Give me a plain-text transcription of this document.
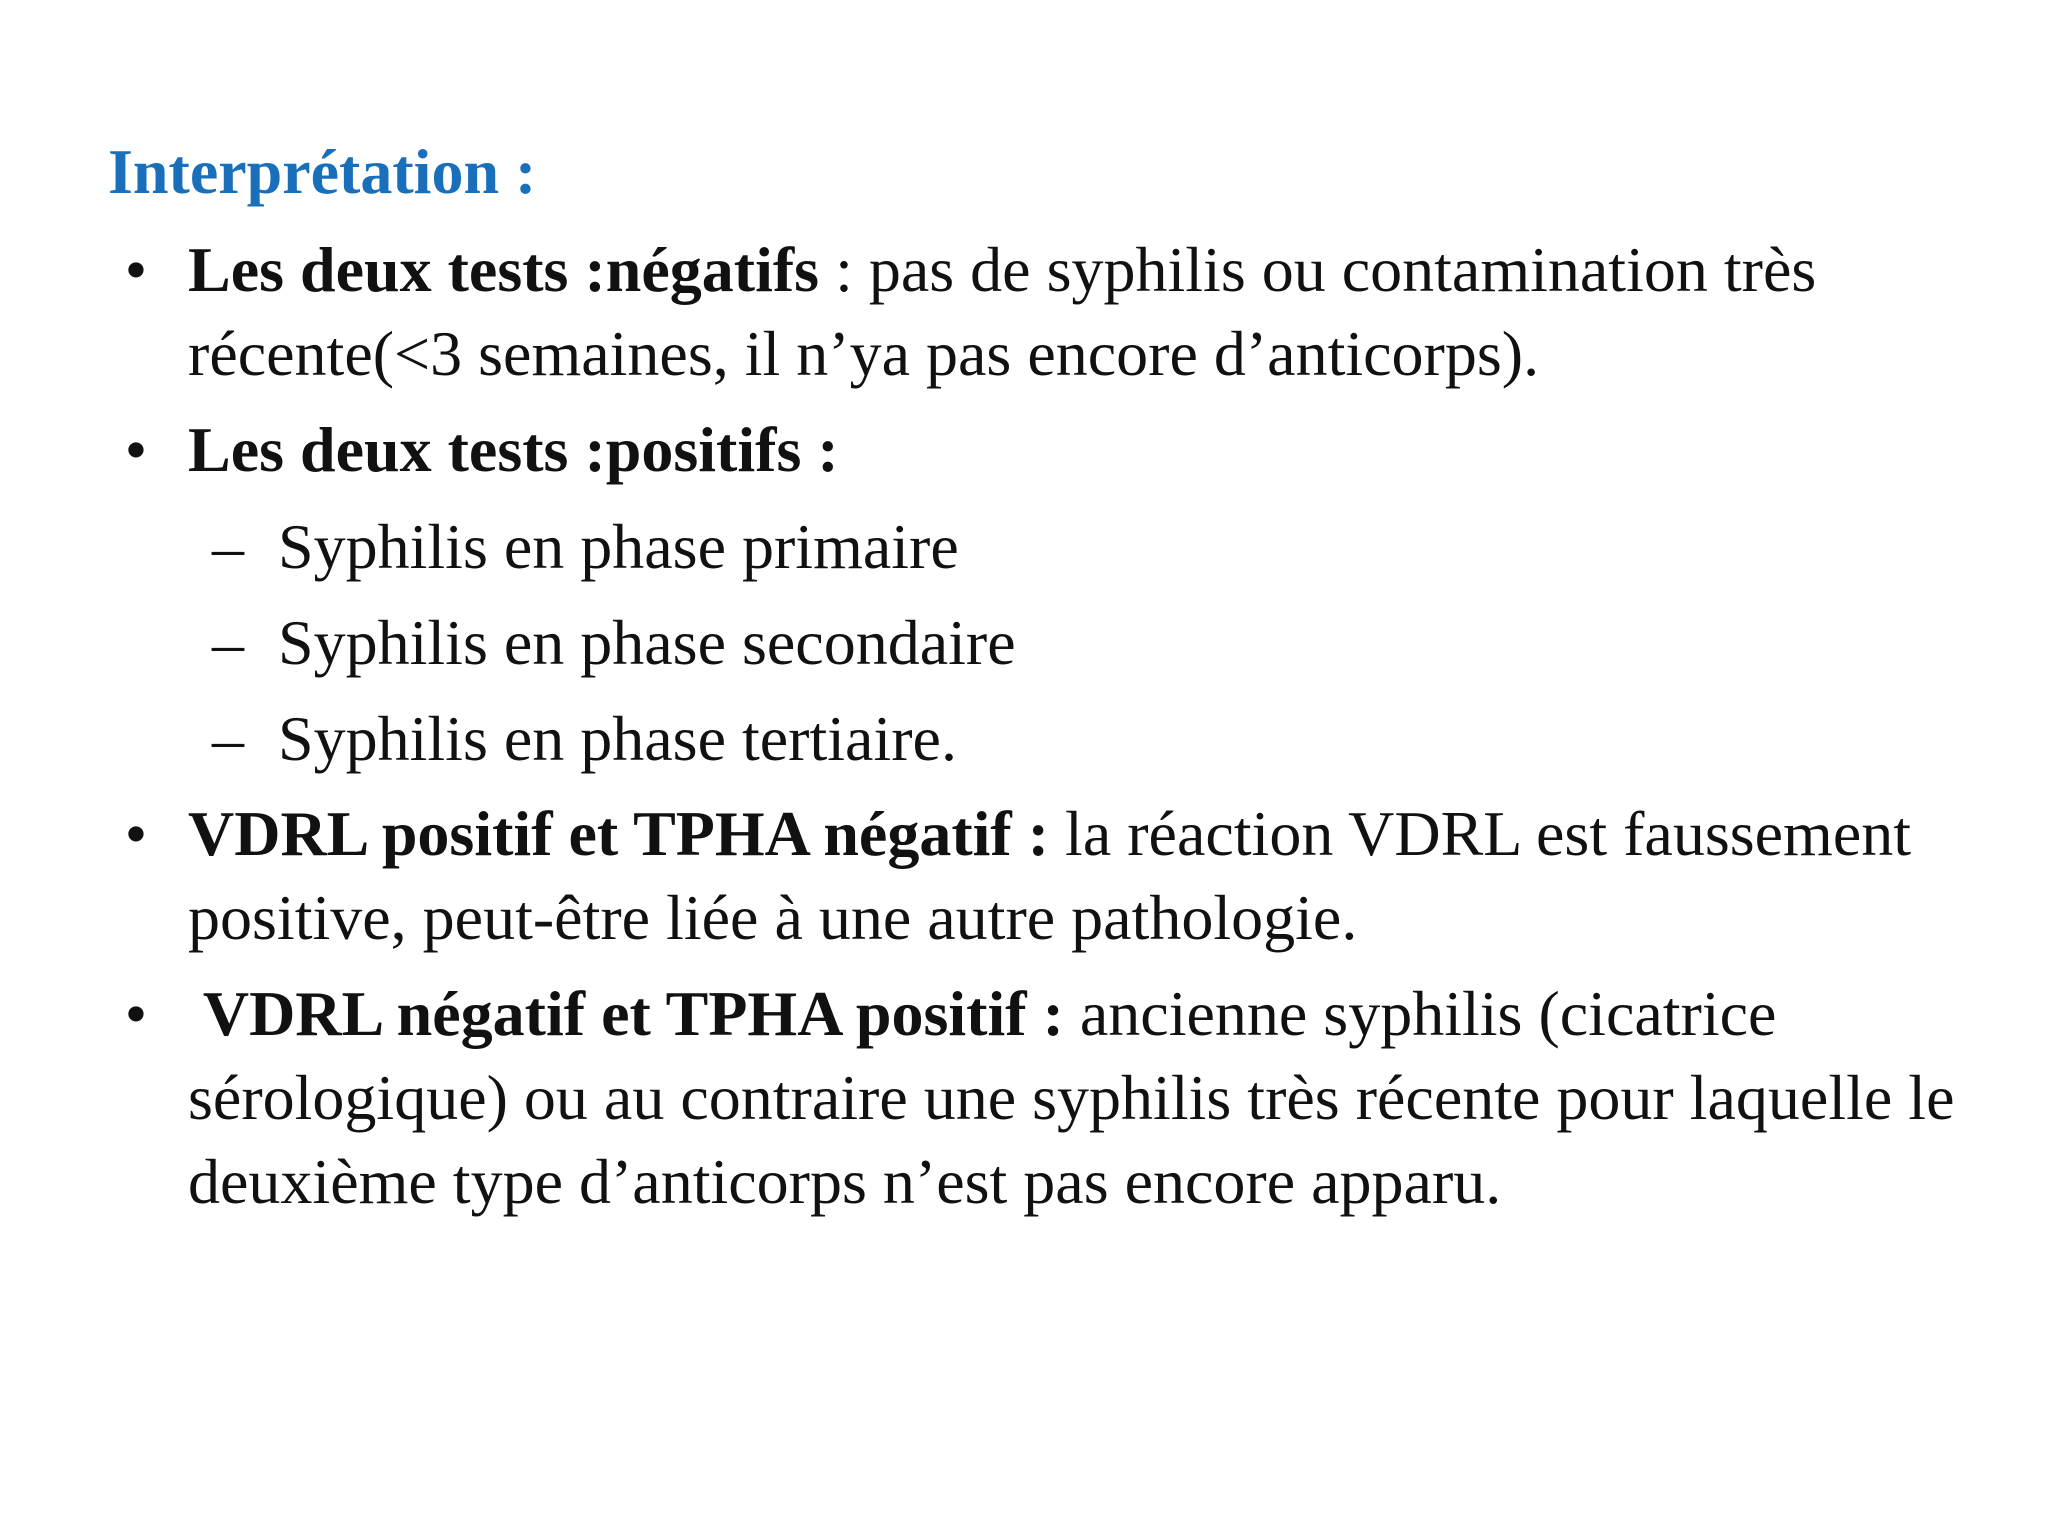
Interprétation :
• Les deux tests :négatifs : pas de syphilis ou contamination très récente(<3 semaines, il n’ya pas encore d’anticorps).
• Les deux tests :positifs :
– Syphilis en phase primaire
– Syphilis en phase secondaire
– Syphilis en phase tertiaire.
• VDRL positif et TPHA négatif : la réaction VDRL est faussement positive, peut-être liée à une autre pathologie.
• VDRL négatif et TPHA positif : ancienne syphilis (cicatrice sérologique) ou au contraire une syphilis très récente pour laquelle le deuxième type d’anticorps n’est pas encore apparu.
